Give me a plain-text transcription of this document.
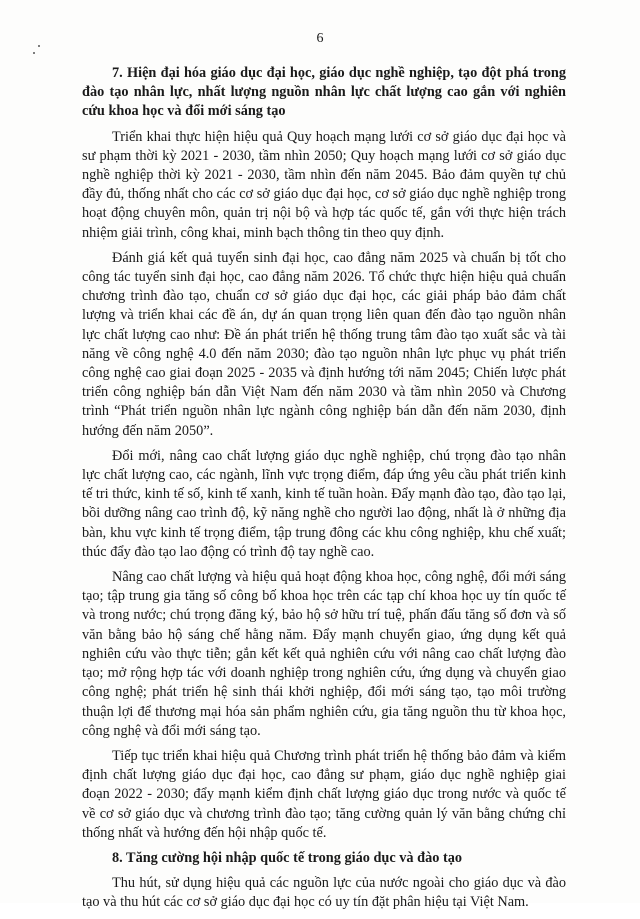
6

7. Hiện đại hóa giáo dục đại học, giáo dục nghề nghiệp, tạo đột phá trong đào tạo nhân lực, nhất lượng nguồn nhân lực chất lượng cao gắn với nghiên cứu khoa học và đổi mới sáng tạo

Triển khai thực hiện hiệu quả Quy hoạch mạng lưới cơ sở giáo dục đại học và sư phạm thời kỳ 2021 - 2030, tầm nhìn 2050; Quy hoạch mạng lưới cơ sở giáo dục nghề nghiệp thời kỳ 2021 - 2030, tầm nhìn đến năm 2045. Bảo đảm quyền tự chủ đầy đủ, thống nhất cho các cơ sở giáo dục đại học, cơ sở giáo dục nghề nghiệp trong hoạt động chuyên môn, quản trị nội bộ và hợp tác quốc tế, gắn với thực hiện trách nhiệm giải trình, công khai, minh bạch thông tin theo quy định.

Đánh giá kết quả tuyển sinh đại học, cao đẳng năm 2025 và chuẩn bị tốt cho công tác tuyển sinh đại học, cao đẳng năm 2026. Tổ chức thực hiện hiệu quả chuẩn chương trình đào tạo, chuẩn cơ sở giáo dục đại học, các giải pháp bảo đảm chất lượng và triển khai các đề án, dự án quan trọng liên quan đến đào tạo nguồn nhân lực chất lượng cao như: Đề án phát triển hệ thống trung tâm đào tạo xuất sắc và tài năng về công nghệ 4.0 đến năm 2030; đào tạo nguồn nhân lực phục vụ phát triển công nghệ cao giai đoạn 2025 - 2035 và định hướng tới năm 2045; Chiến lược phát triển công nghiệp bán dẫn Việt Nam đến năm 2030 và tầm nhìn 2050 và Chương trình “Phát triển nguồn nhân lực ngành công nghiệp bán dẫn đến năm 2030, định hướng đến năm 2050”.

Đổi mới, nâng cao chất lượng giáo dục nghề nghiệp, chú trọng đào tạo nhân lực chất lượng cao, các ngành, lĩnh vực trọng điểm, đáp ứng yêu cầu phát triển kinh tế tri thức, kinh tế số, kinh tế xanh, kinh tế tuần hoàn. Đẩy mạnh đào tạo, đào tạo lại, bồi dưỡng nâng cao trình độ, kỹ năng nghề cho người lao động, nhất là ở những địa bàn, khu vực kinh tế trọng điểm, tập trung đông các khu công nghiệp, khu chế xuất; thúc đẩy đào tạo lao động có trình độ tay nghề cao.

Nâng cao chất lượng và hiệu quả hoạt động khoa học, công nghệ, đổi mới sáng tạo; tập trung gia tăng số công bố khoa học trên các tạp chí khoa học uy tín quốc tế và trong nước; chú trọng đăng ký, bảo hộ sở hữu trí tuệ, phấn đấu tăng số đơn và số văn bằng bảo hộ sáng chế hằng năm. Đẩy mạnh chuyển giao, ứng dụng kết quả nghiên cứu vào thực tiễn; gắn kết kết quả nghiên cứu với nâng cao chất lượng đào tạo; mở rộng hợp tác với doanh nghiệp trong nghiên cứu, ứng dụng và chuyển giao công nghệ; phát triển hệ sinh thái khởi nghiệp, đổi mới sáng tạo, tạo môi trường thuận lợi để thương mại hóa sản phẩm nghiên cứu, gia tăng nguồn thu từ khoa học, công nghệ và đổi mới sáng tạo.

Tiếp tục triển khai hiệu quả Chương trình phát triển hệ thống bảo đảm và kiểm định chất lượng giáo dục đại học, cao đẳng sư phạm, giáo dục nghề nghiệp giai đoạn 2022 - 2030; đẩy mạnh kiểm định chất lượng giáo dục trong nước và quốc tế về cơ sở giáo dục và chương trình đào tạo; tăng cường quản lý văn bằng chứng chỉ thống nhất và hướng đến hội nhập quốc tế.

8. Tăng cường hội nhập quốc tế trong giáo dục và đào tạo

Thu hút, sử dụng hiệu quả các nguồn lực của nước ngoài cho giáo dục và đào tạo và thu hút các cơ sở giáo dục đại học có uy tín đặt phân hiệu tại Việt Nam.
